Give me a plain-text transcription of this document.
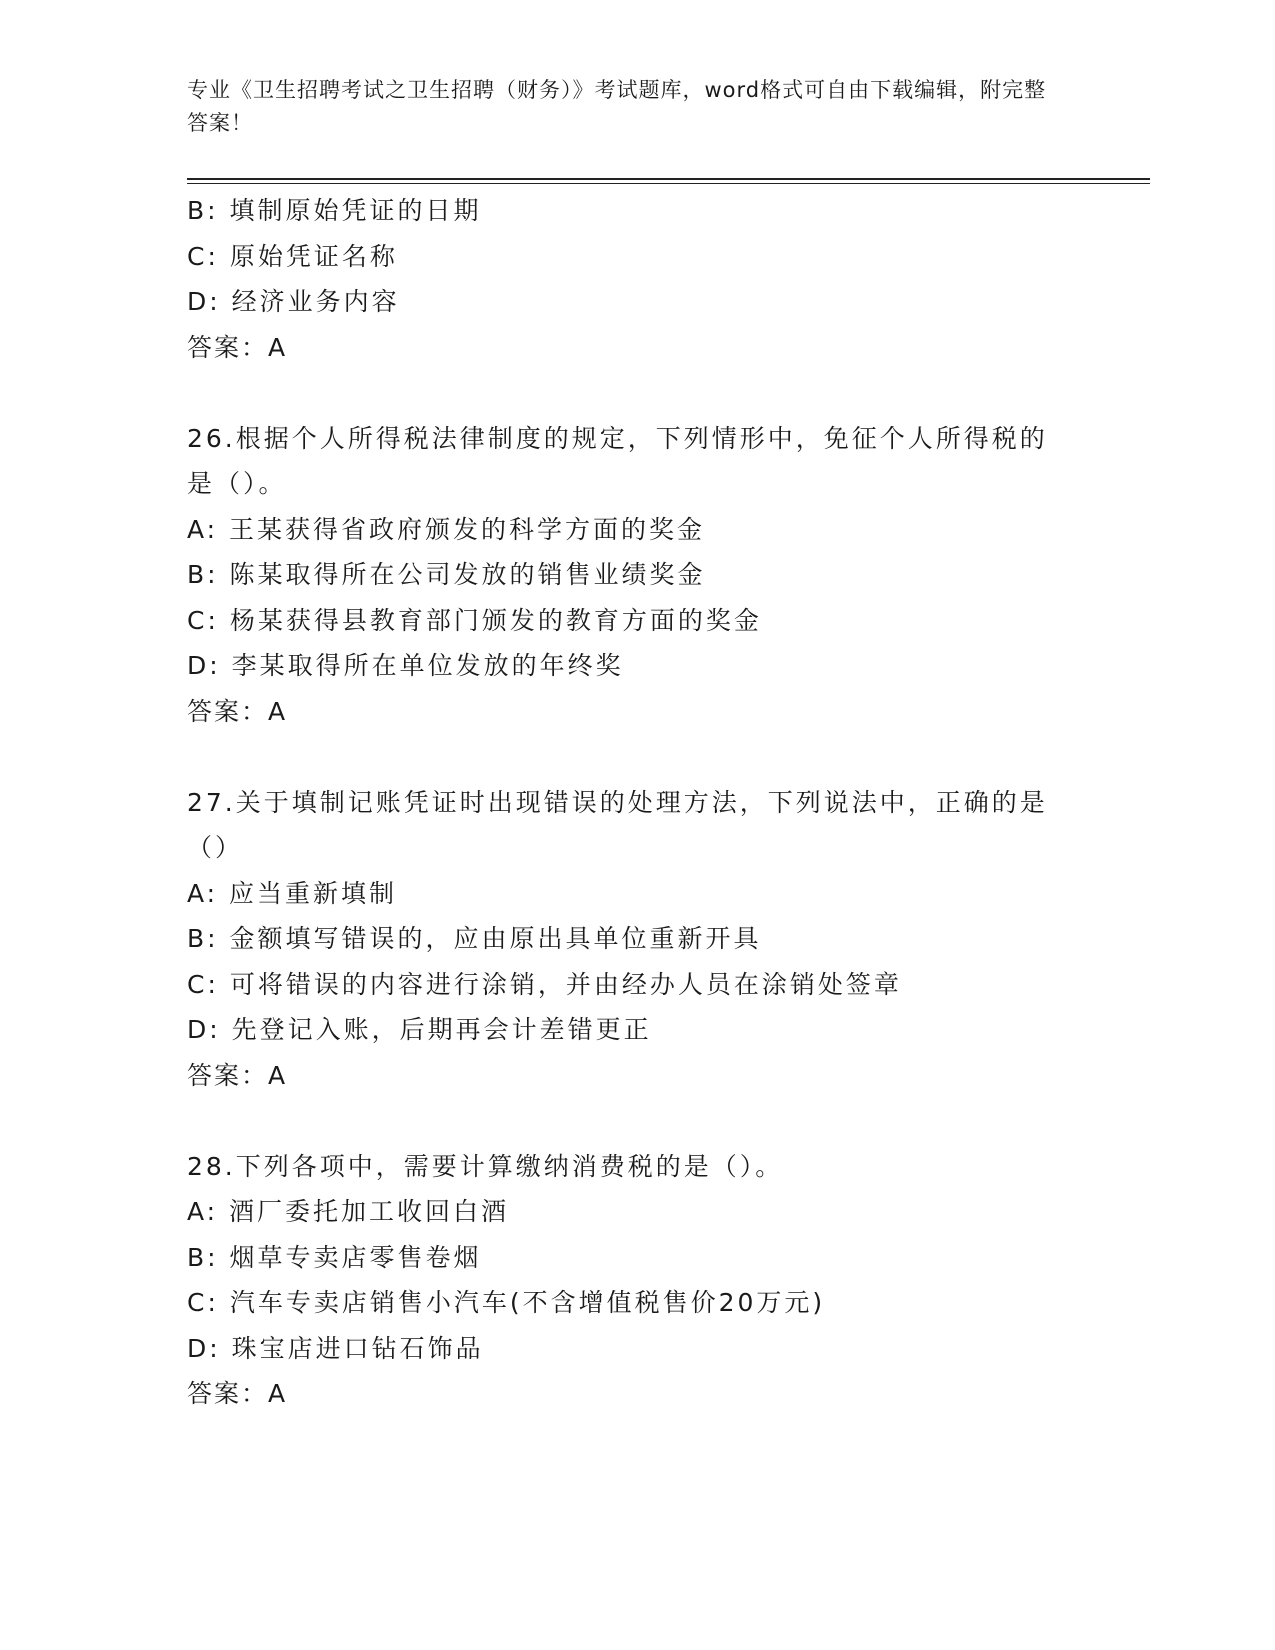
专业《卫生招聘考试之卫生招聘（财务）》考试题库，word格式可自由下载编辑，附完整答案！
B: 填制原始凭证的日期
C: 原始凭证名称
D: 经济业务内容
答案：A
26.根据个人所得税法律制度的规定，下列情形中，免征个人所得税的是（）。
A: 王某获得省政府颁发的科学方面的奖金
B: 陈某取得所在公司发放的销售业绩奖金
C: 杨某获得县教育部门颁发的教育方面的奖金
D: 李某取得所在单位发放的年终奖
答案：A
27.关于填制记账凭证时出现错误的处理方法，下列说法中，正确的是（）
A: 应当重新填制
B: 金额填写错误的，应由原出具单位重新开具
C: 可将错误的内容进行涂销，并由经办人员在涂销处签章
D: 先登记入账，后期再会计差错更正
答案：A
28.下列各项中，需要计算缴纳消费税的是（）。
A: 酒厂委托加工收回白酒
B: 烟草专卖店零售卷烟
C: 汽车专卖店销售小汽车(不含增值税售价20万元)
D: 珠宝店进口钻石饰品
答案：A
